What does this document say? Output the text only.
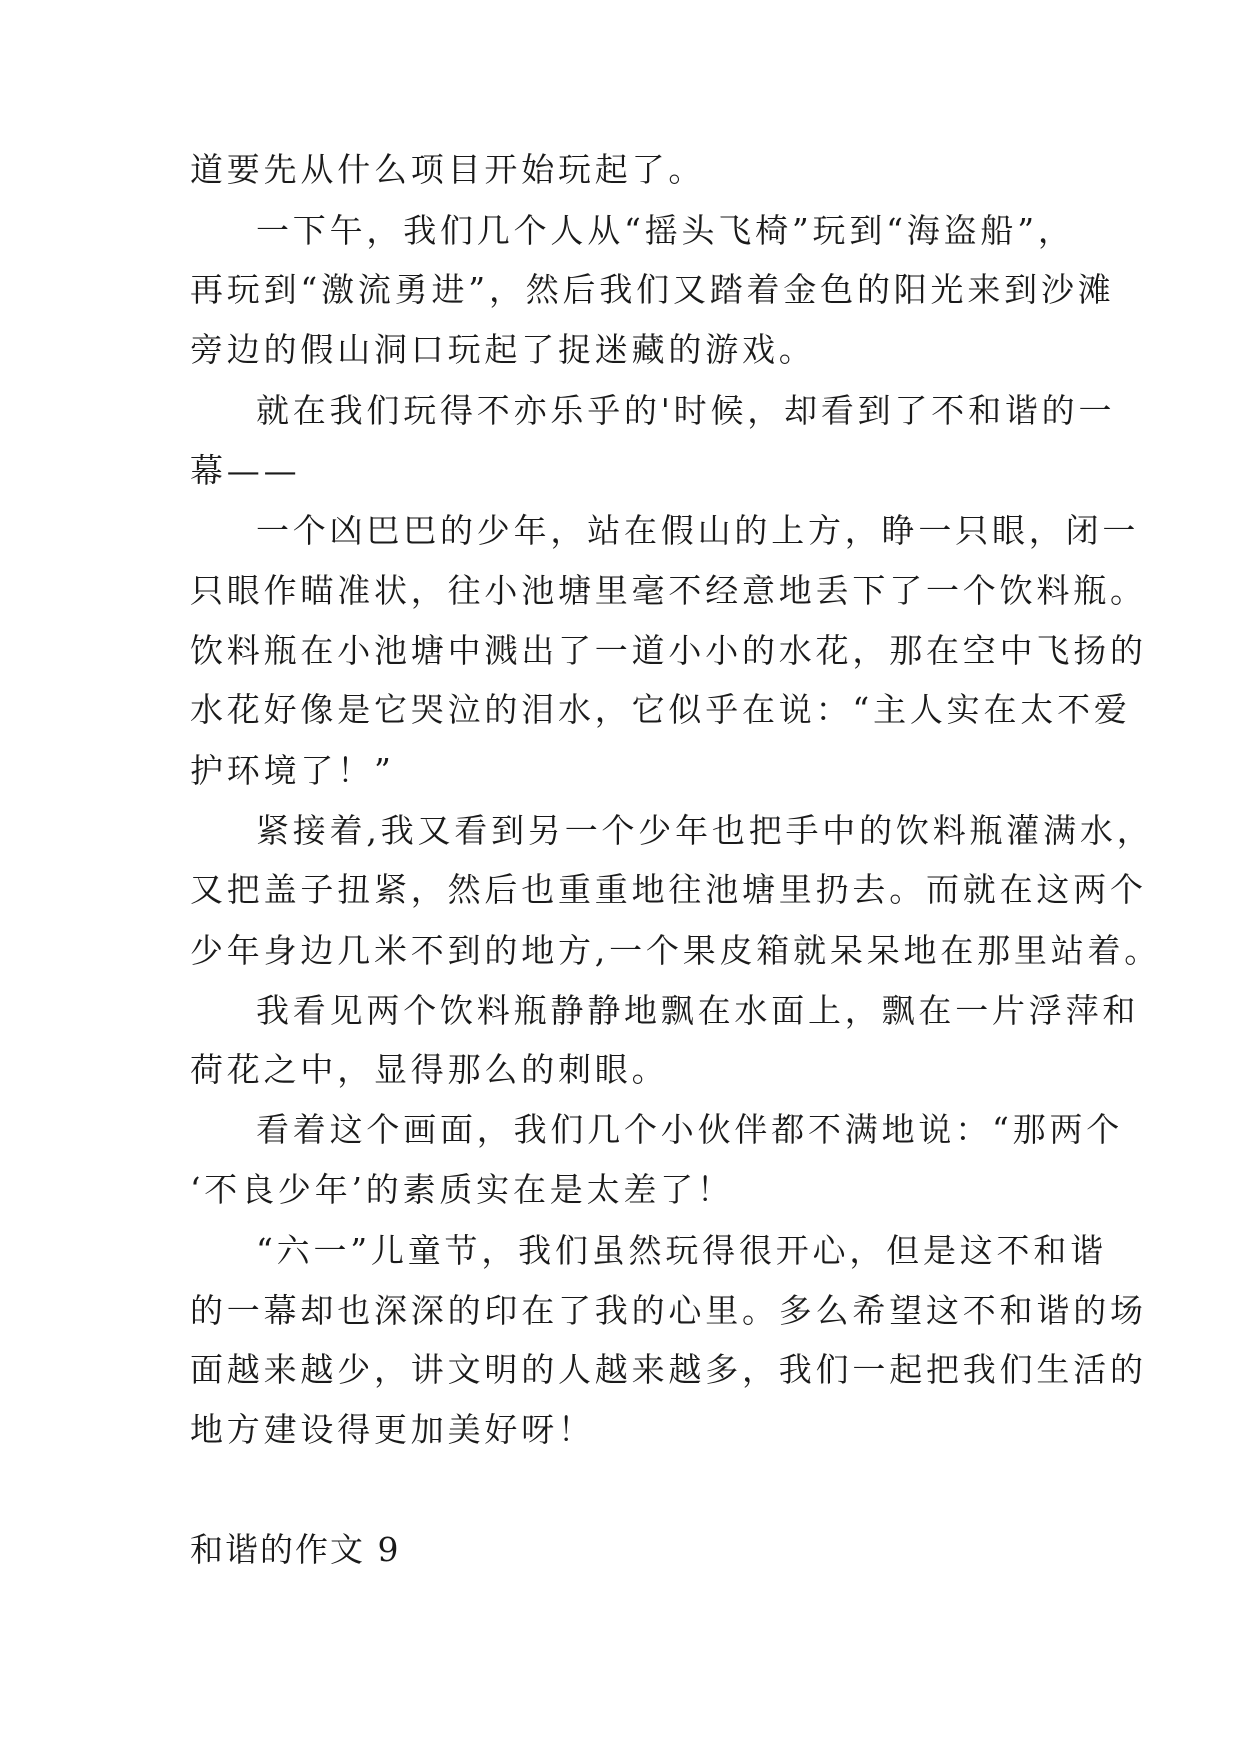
道要先从什么项目开始玩起了。
一下午，我们几个人从“摇头飞椅”玩到“海盗船”，
再玩到“激流勇进”，然后我们又踏着金色的阳光来到沙滩
旁边的假山洞口玩起了捉迷藏的游戏。
就在我们玩得不亦乐乎的'时候，却看到了不和谐的一
幕——
一个凶巴巴的少年，站在假山的上方，睁一只眼，闭一
只眼作瞄准状，往小池塘里毫不经意地丢下了一个饮料瓶。
饮料瓶在小池塘中溅出了一道小小的水花，那在空中飞扬的
水花好像是它哭泣的泪水，它似乎在说：“主人实在太不爱
护环境了！”
紧接着,我又看到另一个少年也把手中的饮料瓶灌满水，
又把盖子扭紧，然后也重重地往池塘里扔去。而就在这两个
少年身边几米不到的地方,一个果皮箱就呆呆地在那里站着。
我看见两个饮料瓶静静地飘在水面上，飘在一片浮萍和
荷花之中，显得那么的刺眼。
看着这个画面，我们几个小伙伴都不满地说：“那两个
‘不良少年’的素质实在是太差了！
“六一”儿童节，我们虽然玩得很开心，但是这不和谐
的一幕却也深深的印在了我的心里。多么希望这不和谐的场
面越来越少，讲文明的人越来越多，我们一起把我们生活的
地方建设得更加美好呀！
和谐的作文 9
